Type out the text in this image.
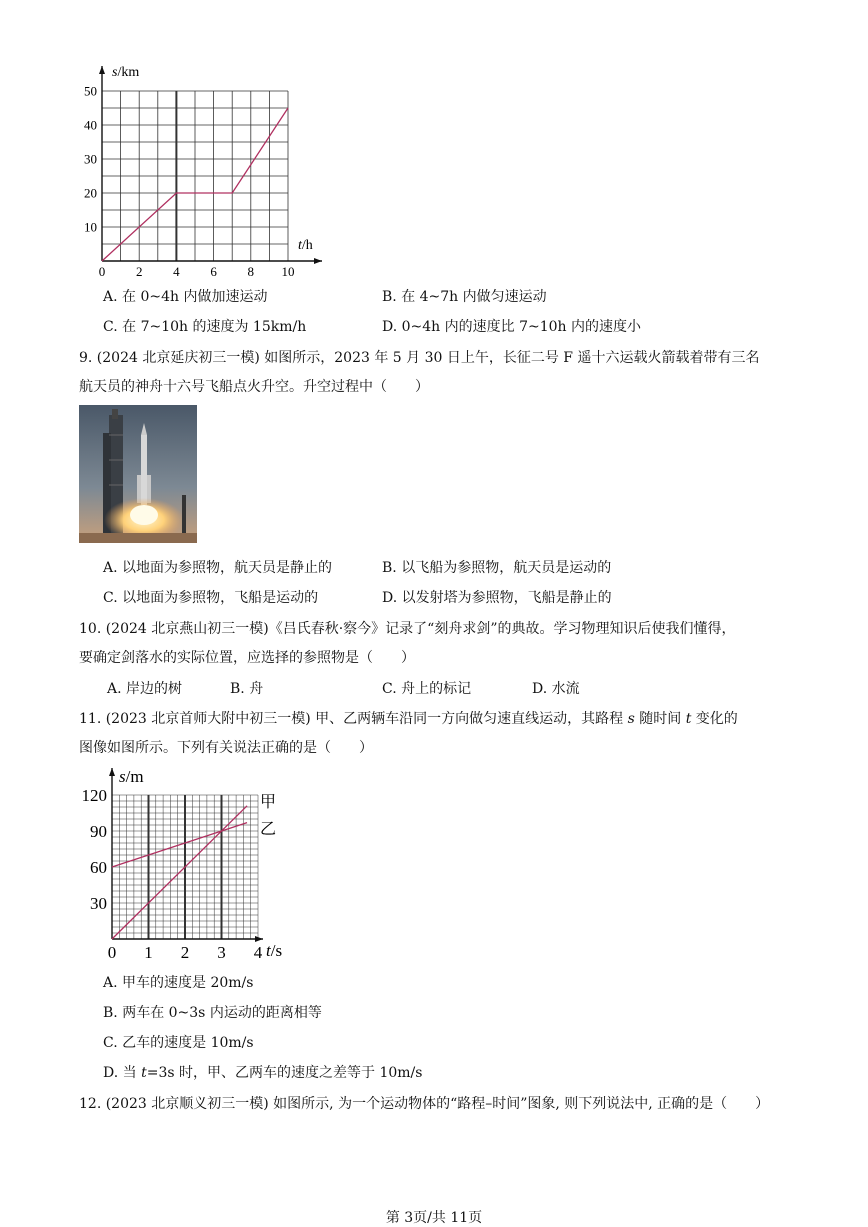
0 2 4 6 8 10
10
20
30
40
50
s/km
t/h
A. 在 0~4h 内做加速运动	B. 在 4~7h 内做匀速运动
C. 在 7~10h 的速度为 15km/h	D. 0~4h 内的速度比 7~10h 内的速度小
9. (2024 北京延庆初三一模) 如图所示，2023 年 5 月 30 日上午，长征二号 F 遥十六运载火箭载着带有三名
航天员的神舟十六号飞船点火升空。升空过程中（　　）
A. 以地面为参照物，航天员是静止的	B. 以飞船为参照物，航天员是运动的
C. 以地面为参照物，飞船是运动的	D. 以发射塔为参照物，飞船是静止的
10. (2024 北京燕山初三一模)《吕氏春秋·察今》记录了“刻舟求剑”的典故。学习物理知识后使我们懂得，
要确定剑落水的实际位置，应选择的参照物是（　　）
A. 岸边的树	B. 舟	C. 舟上的标记	D. 水流
11. (2023 北京首师大附中初三一模) 甲、乙两辆车沿同一方向做匀速直线运动，其路程 s 随时间 t 变化的
图像如图所示。下列有关说法正确的是（　　）
0 1 2 3 4
30
60
90
120
s/m
t/s
甲
乙
A. 甲车的速度是 20m/s
B. 两车在 0~3s 内运动的距离相等
C. 乙车的速度是 10m/s
D. 当 t=3s 时，甲、乙两车的速度之差等于 10m/s
12. (2023 北京顺义初三一模) 如图所示, 为一个运动物体的“路程–时间”图象, 则下列说法中, 正确的是（　　）
第 3页/共 11页
